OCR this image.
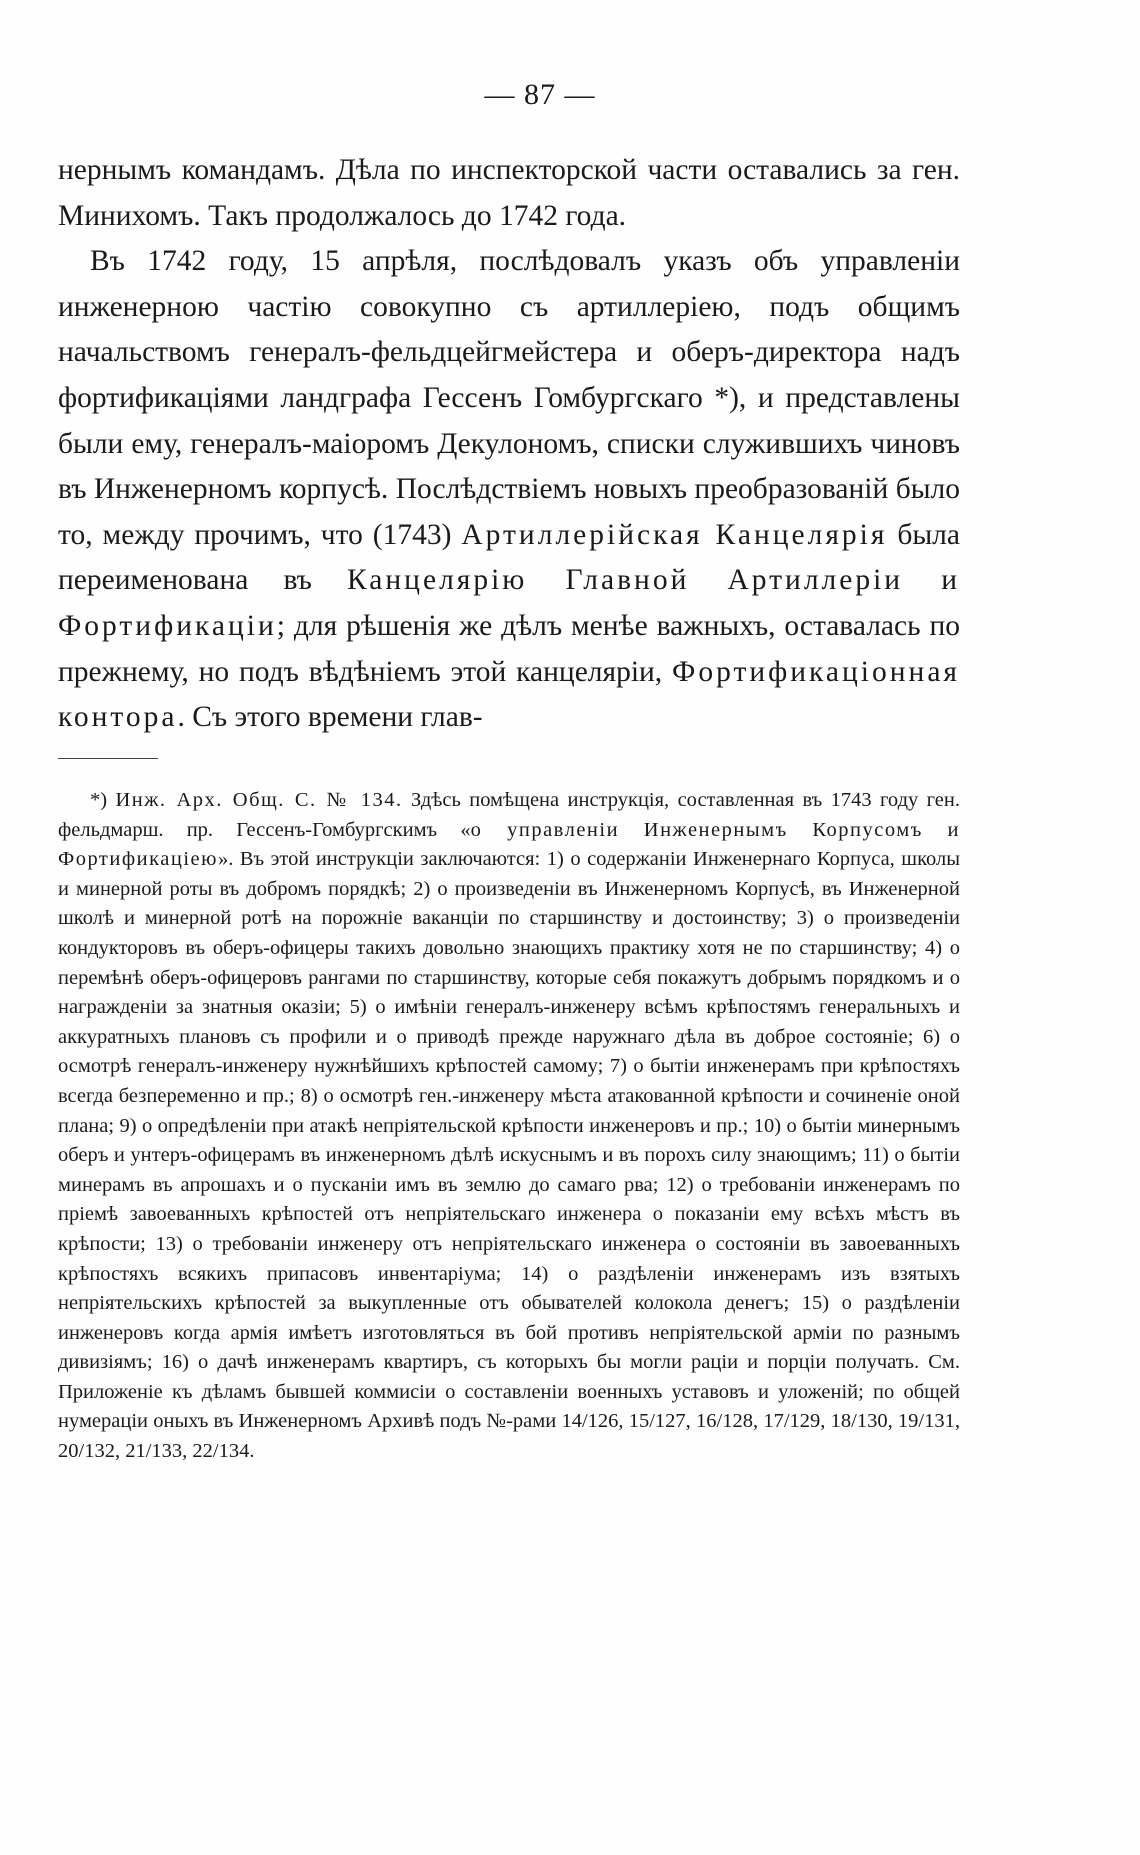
— 87 —

нернымъ командамъ. Дѣла по инспекторской части оставались за ген. Минихомъ. Такъ продолжалось до 1742 года.

Въ 1742 году, 15 апрѣля, послѣдовалъ указъ объ управленіи инженерною частію совокупно съ артиллеріею, подъ общимъ начальствомъ генералъ-фельдцейгмейстера и оберъ-директора надъ фортификаціями ландграфа Гессенъ Гомбургскаго *), и представлены были ему, генералъ-маіоромъ Декулономъ, списки служившихъ чиновъ въ Инженерномъ корпусѣ. Послѣдствіемъ новыхъ преобразованій было то, между прочимъ, что (1743) Артиллерійская Канцелярія была переименована въ Канцелярію Главной Артиллеріи и Фортификаціи; для рѣшенія же дѣлъ менѣе важныхъ, оставалась по прежнему, но подъ вѣдѣніемъ этой канцеляріи, Фортификаціонная контора. Съ этого времени глав-

*) Инж. Арх. Общ. С. № 134. Здѣсь помѣщена инструкція, составленная въ 1743 году ген. фельдмарш. пр. Гессенъ-Гомбургскимъ «о управленіи Инженернымъ Корпусомъ и Фортификаціею». Въ этой инструкціи заключаются: 1) о содержаніи Инженернаго Корпуса, школы и минерной роты въ добромъ порядкѣ; 2) о произведеніи въ Инженерномъ Корпусѣ, въ Инженерной школѣ и минерной ротѣ на порожніе ваканціи по старшинству и достоинству; 3) о произведеніи кондукторовъ въ оберъ-офицеры такихъ довольно знающихъ практику хотя не по старшинству; 4) о перемѣнѣ оберъ-офицеровъ рангами по старшинству, которые себя покажутъ добрымъ порядкомъ и о награжденіи за знатныя оказіи; 5) о имѣніи генералъ-инженеру всѣмъ крѣпостямъ генеральныхъ и аккуратныхъ плановъ съ профили и о приводѣ прежде наружнаго дѣла въ доброе состояніе; 6) о осмотрѣ генералъ-инженеру нужнѣйшихъ крѣпостей самому; 7) о бытіи инженерамъ при крѣпостяхъ всегда безпеременно и пр.; 8) о осмотрѣ ген.-инженеру мѣста атакованной крѣпости и сочиненіе оной плана; 9) о опредѣленіи при атакѣ непріятельской крѣпости инженеровъ и пр.; 10) о бытіи минернымъ оберъ и унтеръ-офицерамъ въ инженерномъ дѣлѣ искуснымъ и въ порохъ силу знающимъ; 11) о бытіи минерамъ въ апрошахъ и о пусканіи имъ въ землю до самаго рва; 12) о требованіи инженерамъ по пріемѣ завоеванныхъ крѣпостей отъ непріятельскаго инженера о показаніи ему всѣхъ мѣстъ въ крѣпости; 13) о требованіи инженеру отъ непріятельскаго инженера о состояніи въ завоеванныхъ крѣпостяхъ всякихъ припасовъ инвентаріума; 14) о раздѣленіи инженерамъ изъ взятыхъ непріятельскихъ крѣпостей за выкупленные отъ обывателей колокола денегъ; 15) о раздѣленіи инженеровъ когда армія имѣетъ изготовляться въ бой противъ непріятельской арміи по разнымъ дивизіямъ; 16) о дачѣ инженерамъ квартиръ, съ которыхъ бы могли раціи и порціи получать. См. Приложеніе къ дѣламъ бывшей коммисіи о составленіи военныхъ уставовъ и уложеній; по общей нумераціи оныхъ въ Инженерномъ Архивѣ подъ №-рами 14/126, 15/127, 16/128, 17/129, 18/130, 19/131, 20/132, 21/133, 22/134.
